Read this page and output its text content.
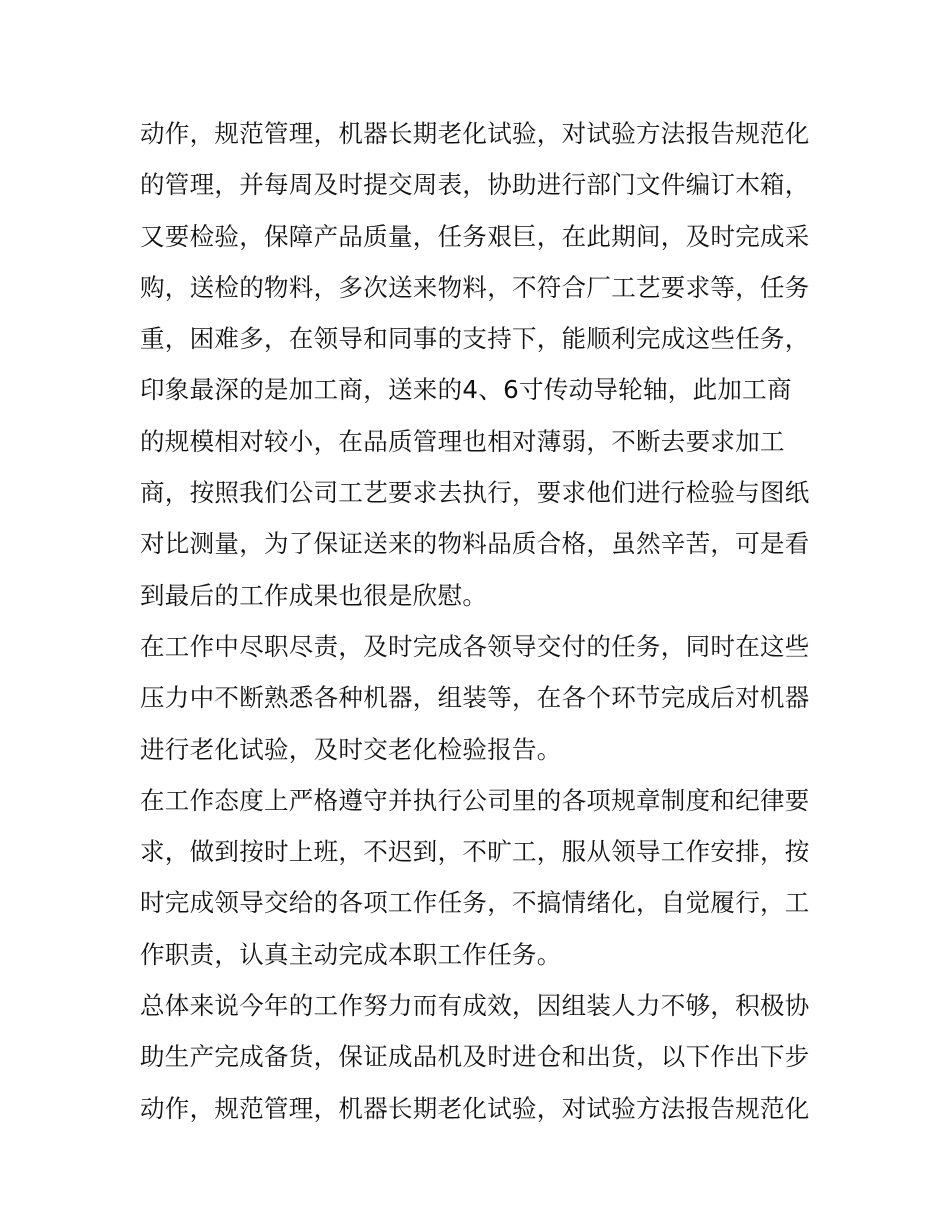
动作，规范管理，机器长期老化试验，对试验方法报告规范化
的管理，并每周及时提交周表，协助进行部门文件编订木箱，
又要检验，保障产品质量，任务艰巨，在此期间，及时完成采
购，送检的物料，多次送来物料，不符合厂工艺要求等，任务
重，困难多，在领导和同事的支持下，能顺利完成这些任务，
印象最深的是加工商，送来的4、6寸传动导轮轴，此加工商
的规模相对较小，在品质管理也相对薄弱，不断去要求加工
商，按照我们公司工艺要求去执行，要求他们进行检验与图纸
对比测量，为了保证送来的物料品质合格，虽然辛苦，可是看
到最后的工作成果也很是欣慰。
在工作中尽职尽责，及时完成各领导交付的任务，同时在这些
压力中不断熟悉各种机器，组装等，在各个环节完成后对机器
进行老化试验，及时交老化检验报告。
在工作态度上严格遵守并执行公司里的各项规章制度和纪律要
求，做到按时上班，不迟到，不旷工，服从领导工作安排，按
时完成领导交给的各项工作任务，不搞情绪化，自觉履行，工
作职责，认真主动完成本职工作任务。
总体来说今年的工作努力而有成效，因组装人力不够，积极协
助生产完成备货，保证成品机及时进仓和出货，以下作出下步
动作，规范管理，机器长期老化试验，对试验方法报告规范化
